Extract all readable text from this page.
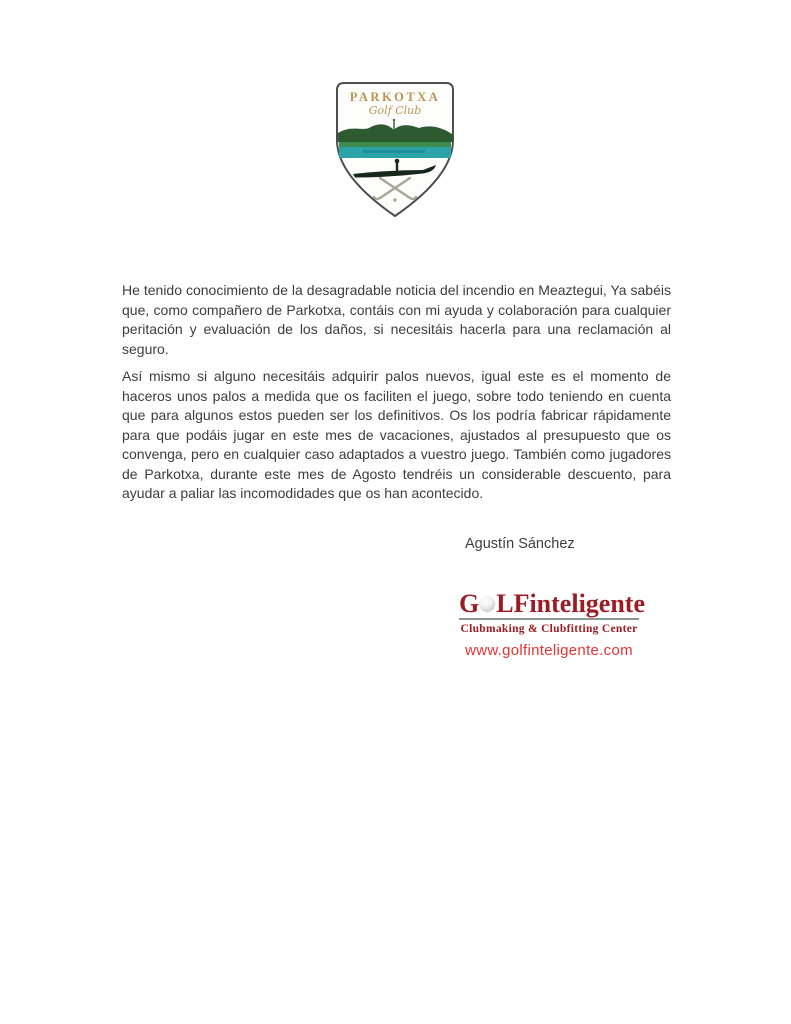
PARKOTXA
Golf Club

He tenido conocimiento de la desagradable noticia del incendio en Meaztegui, Ya sabéis que, como compañero de Parkotxa, contáis con mi ayuda y colaboración para cualquier peritación y evaluación de los daños, si necesitáis hacerla para una reclamación al seguro.

Así mismo si alguno necesitáis adquirir palos nuevos, igual este es el momento de haceros unos palos a medida que os faciliten el juego, sobre todo teniendo en cuenta que para algunos estos pueden ser los definitivos. Os los podría fabricar rápidamente para que podáis jugar en este mes de vacaciones, ajustados al presupuesto que os convenga, pero en cualquier caso adaptados a vuestro juego. También como jugadores de Parkotxa, durante este mes de Agosto tendréis un considerable descuento, para ayudar a paliar las incomodidades que os han acontecido.

Agustín Sánchez
G LFinteligente
Clubmaking & Clubfitting Center
www.golfinteligente.com
